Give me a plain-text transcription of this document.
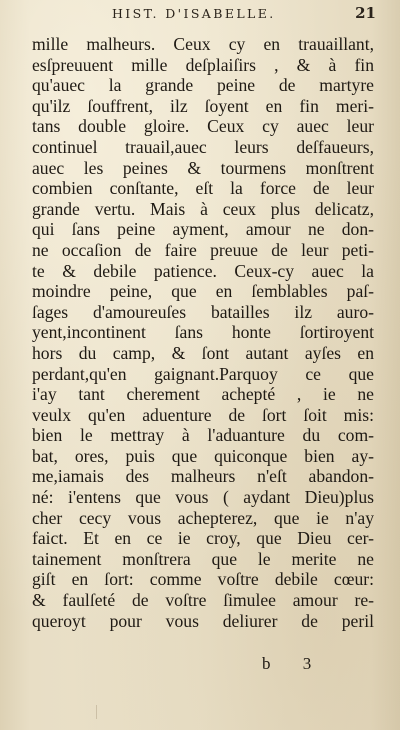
HIST. D'ISABELLE.	21
mille malheurs. Ceux cy en trauaillant,
esſpreuuent mille deſplaiſirs , & à fin
qu'auec la grande peine de martyre
qu'ilz ſouffrent, ilz ſoyent en fin meri-
tans double gloire. Ceux cy auec leur
continuel trauail,auec leurs deſfaueurs,
auec les peines & tourmens monſtrent
combien conſtante, eſt la force de leur
grande vertu. Mais à ceux plus delicatz,
qui ſans peine ayment, amour ne don-
ne occaſion de faire preuue de leur peti-
te & debile patience. Ceux-cy auec la
moindre peine, que en ſemblables paſ-
ſages d'amoureuſes batailles ilz auro-
yent,incontinent ſans honte ſortiroyent
hors du camp, & ſont autant ayſes en
perdant,qu'en gaignant.Parquoy ce que
i'ay tant cherement achepté , ie ne
veulx qu'en aduenture de ſort ſoit mis:
bien le mettray à l'aduanture du com-
bat, ores, puis que quiconque bien ay-
me,iamais des malheurs n'eſt abandon-
né: i'entens que vous ( aydant Dieu)plus
cher cecy vous achepterez, que ie n'ay
faict. Et en ce ie croy, que Dieu cer-
tainement monſtrera que le merite ne
giſt en ſort: comme voſtre debile cœur:
& faulſeté de voſtre ſimulee amour re-
queroyt pour vous deliurer de peril
b 3
